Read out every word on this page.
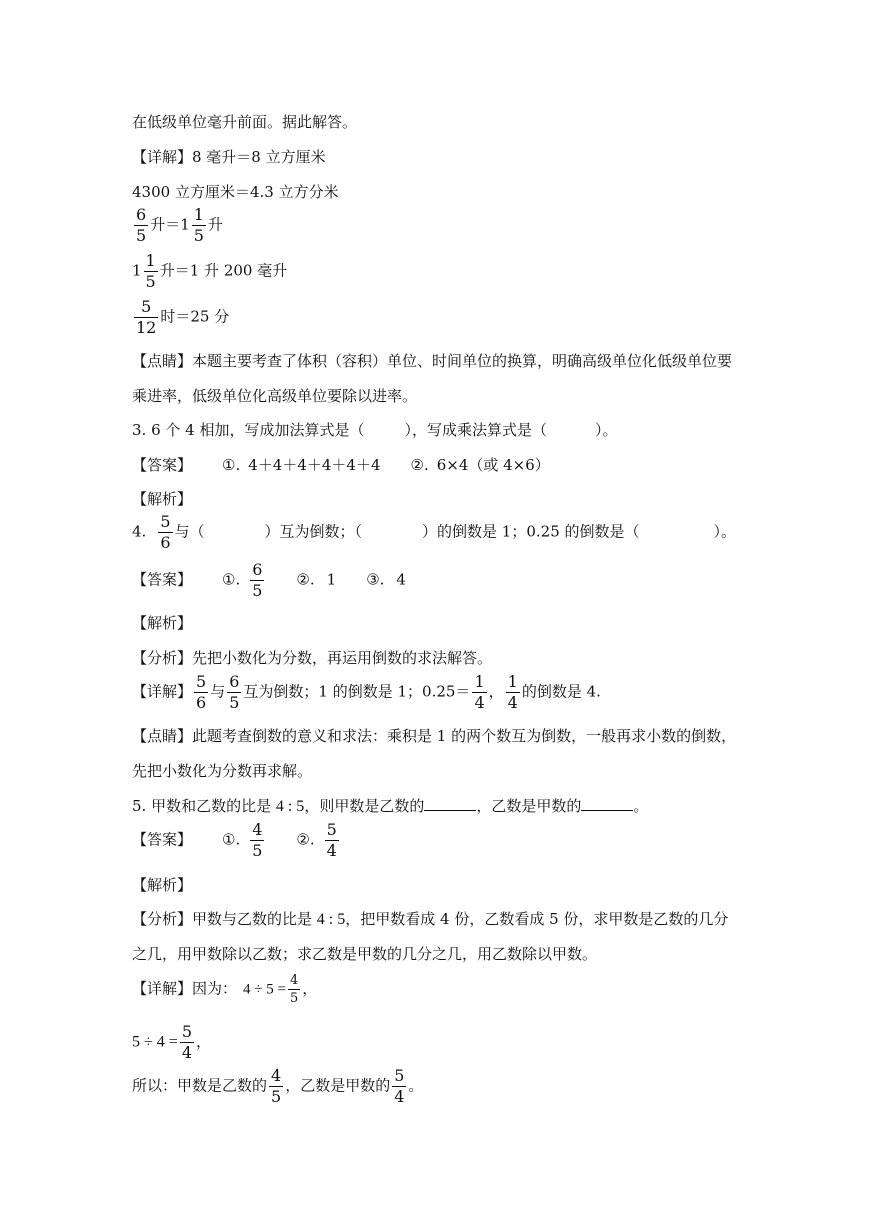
在低级单位毫升前面。据此解答。
【详解】8 毫升＝8 立方厘米
4300 立方厘米＝4.3 立方分米
$\frac{6}{5}$ 升$=1 \frac{1}{5}$ 升
$1 \frac{1}{5}$ 升＝1 升 200 毫升
$\frac{5}{12}$ 时＝25 分
【点睛】本题主要考查了体积（容积）单位、时间单位的换算，明确高级单位化低级单位要
乘进率，低级单位化高级单位要除以进率。
3. 6 个 4 相加，写成加法算式是（	），写成乘法算式是（	）。
【答案】 ①. 4＋4＋4＋4＋4＋4 ②. 6×4（或 4×6）
【解析】
4. $\frac{5}{6}$ 与（	）互为倒数；（	）的倒数是 1；0.25 的倒数是（	）。
【答案】 ①. $\frac{6}{5}$ ②. 1 ③. 4
【解析】
【分析】先把小数化为分数，再运用倒数的求法解答。
【详解】 $\frac{5}{6}$ 与 $\frac{6}{5}$ 互为倒数；1 的倒数是 1；$0.25= \frac{1}{4}$ ， $\frac{1}{4}$ 的倒数是 4.
【点睛】此题考查倒数的意义和求法：乘积是 1 的两个数互为倒数，一般再求小数的倒数，
先把小数化为分数再求解。
5. 甲数和乙数的比是 4 : 5，则甲数是乙数的	，乙数是甲数的	。
【答案】 ①. $\frac{4}{5}$ ②. $\frac{5}{4}$
【解析】
【分析】甲数与乙数的比是 4 : 5，把甲数看成 4 份，乙数看成 5 份，求甲数是乙数的几分
之几，用甲数除以乙数；求乙数是甲数的几分之几，用乙数除以甲数。
【详解】因为： $4 \div 5 = \frac{4}{5}$ ，
$5 \div 4 = \frac{5}{4}$ ，
所以：甲数是乙数的 $\frac{4}{5}$ ，乙数是甲数的 $\frac{5}{4}$ 。
